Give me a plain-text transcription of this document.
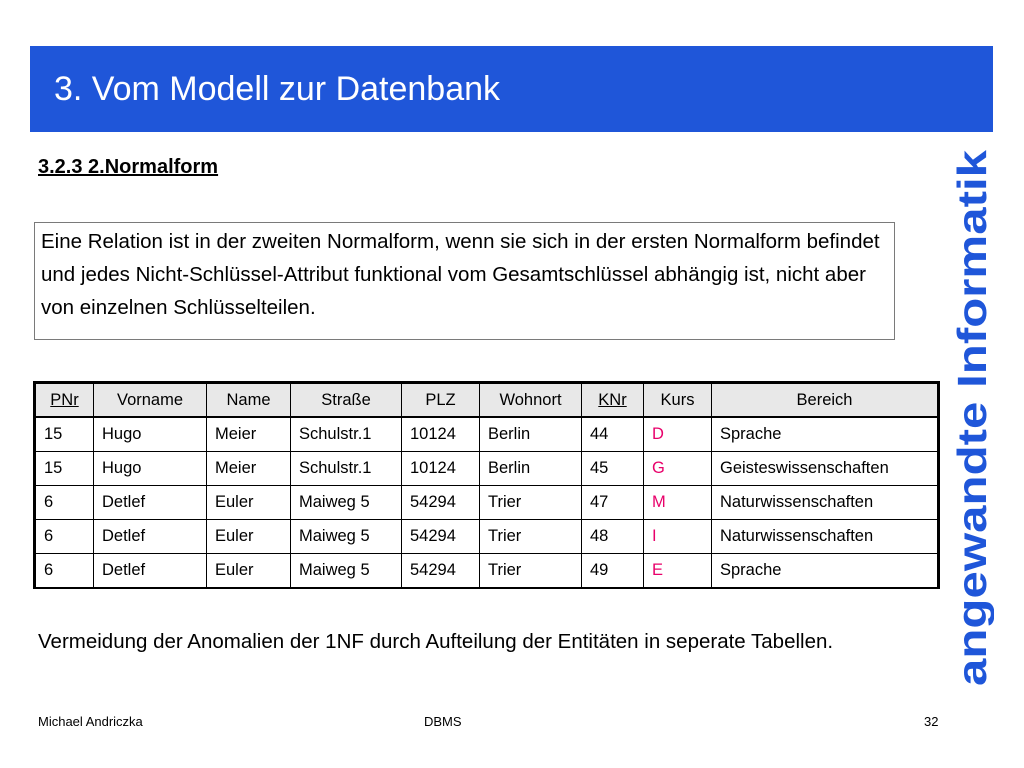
3. Vom Modell zur Datenbank
3.2.3 2.Normalform
Eine Relation ist in der zweiten Normalform, wenn sie sich in der ersten Normalform befindet und jedes Nicht-Schlüssel-Attribut funktional vom Gesamtschlüssel abhängig ist, nicht aber von einzelnen Schlüsselteilen.
PNr	Vorname	Name	Straße	PLZ	Wohnort	KNr	Kurs	Bereich
15	Hugo	Meier	Schulstr.1	10124	Berlin	44	D	Sprache
15	Hugo	Meier	Schulstr.1	10124	Berlin	45	G	Geisteswissenschaften
6	Detlef	Euler	Maiweg 5	54294	Trier	47	M	Naturwissenschaften
6	Detlef	Euler	Maiweg 5	54294	Trier	48	I	Naturwissenschaften
6	Detlef	Euler	Maiweg 5	54294	Trier	49	E	Sprache
Vermeidung der Anomalien der 1NF durch Aufteilung der Entitäten in seperate Tabellen.
Michael Andriczka	DBMS	32
angewandte Informatik
